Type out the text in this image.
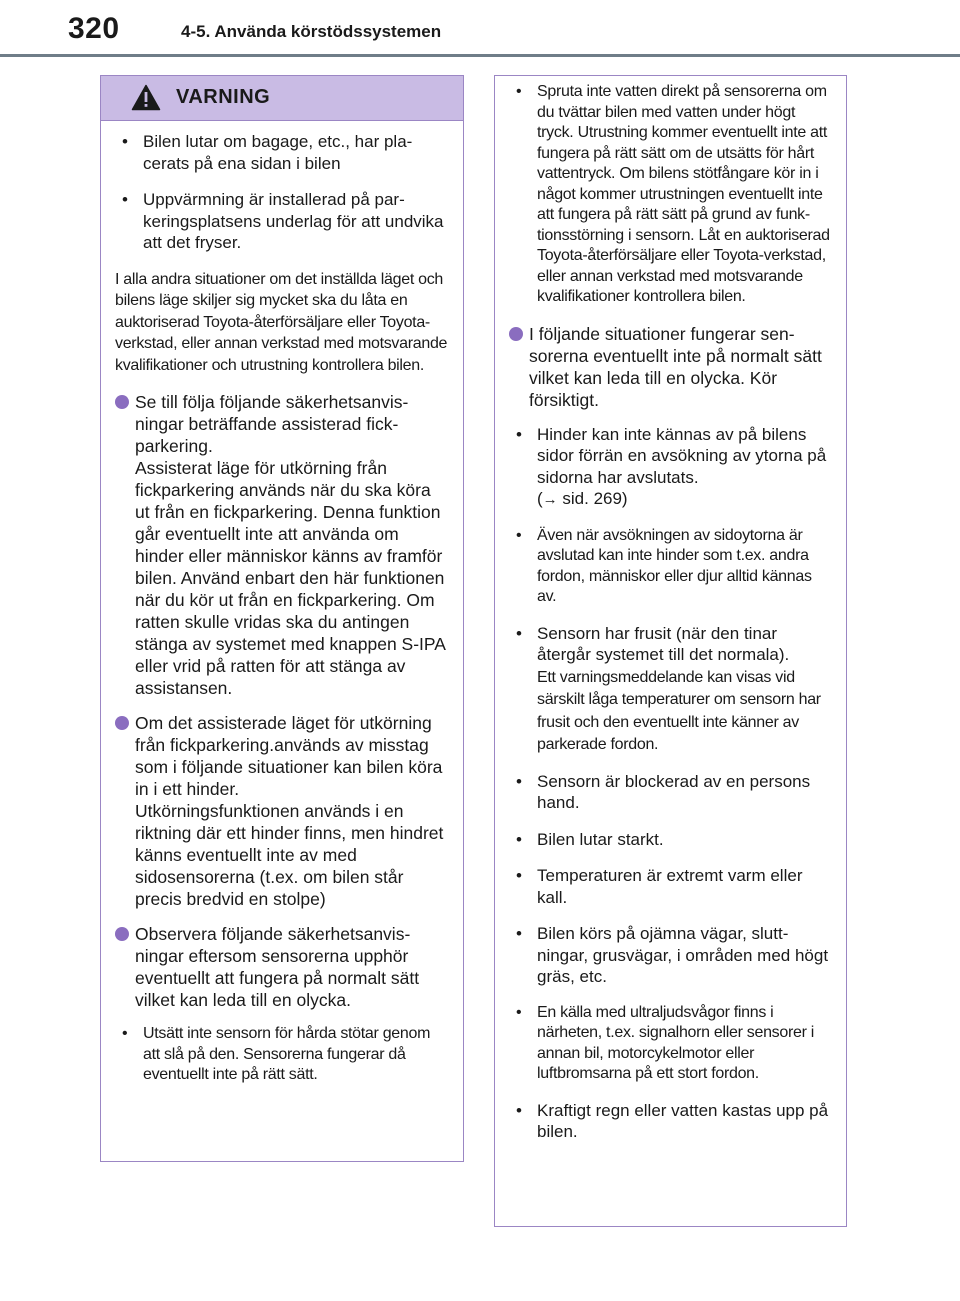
320	4-5. Använda körstödssystemen
VARNING
• Bilen lutar om bagage, etc., har placerats på ena sidan i bilen
• Uppvärmning är installerad på parkeringsplatsens underlag för att undvika att det fryser.
I alla andra situationer om det inställda läget och bilens läge skiljer sig mycket ska du låta en auktoriserad Toyota-återförsäljare eller Toyota-verkstad, eller annan verkstad med motsvarande kvalifikationer och utrustning kontrollera bilen.
Se till följa följande säkerhetsanvisningar beträffande assisterad fickparkering.
Assisterat läge för utkörning från fickparkering används när du ska köra ut från en fickparkering. Denna funktion går eventuellt inte att använda om hinder eller människor känns av framför bilen. Använd enbart den här funktionen när du kör ut från en fickparkering. Om ratten skulle vridas ska du antingen stänga av systemet med knappen S-IPA eller vrid på ratten för att stänga av assistansen.
Om det assisterade läget för utkörning från fickparkering.används av misstag som i följande situationer kan bilen köra in i ett hinder.
Utkörningsfunktionen används i en riktning där ett hinder finns, men hindret känns eventuellt inte av med sidosensorerna (t.ex. om bilen står precis bredvid en stolpe)
Observera följande säkerhetsanvisningar eftersom sensorerna upphör eventuellt att fungera på normalt sätt vilket kan leda till en olycka.
• Utsätt inte sensorn för hårda stötar genom att slå på den. Sensorerna fungerar då eventuellt inte på rätt sätt.
• Spruta inte vatten direkt på sensorerna om du tvättar bilen med vatten under högt tryck. Utrustning kommer eventuellt inte att fungera på rätt sätt om de utsätts för hårt vattentryck. Om bilens stötfångare kör in i något kommer utrustningen eventuellt inte att fungera på rätt sätt på grund av funktionsstörning i sensorn. Låt en auktoriserad Toyota-återförsäljare eller Toyota-verkstad, eller annan verkstad med motsvarande kvalifikationer kontrollera bilen.
I följande situationer fungerar sensorerna eventuellt inte på normalt sätt vilket kan leda till en olycka. Kör försiktigt.
• Hinder kan inte kännas av på bilens sidor förrän en avsökning av ytorna på sidorna har avslutats.
(→ sid. 269)
• Även när avsökningen av sidoytorna är avslutad kan inte hinder som t.ex. andra fordon, människor eller djur alltid kännas av.
• Sensorn har frusit (när den tinar återgår systemet till det normala).
Ett varningsmeddelande kan visas vid särskilt låga temperaturer om sensorn har frusit och den eventuellt inte känner av parkerade fordon.
• Sensorn är blockerad av en persons hand.
• Bilen lutar starkt.
• Temperaturen är extremt varm eller kall.
• Bilen körs på ojämna vägar, sluttningar, grusvägar, i områden med högt gräs, etc.
• En källa med ultraljudsvågor finns i närheten, t.ex. signalhorn eller sensorer i annan bil, motorcykelmotor eller luftbromsarna på ett stort fordon.
• Kraftigt regn eller vatten kastas upp på bilen.
